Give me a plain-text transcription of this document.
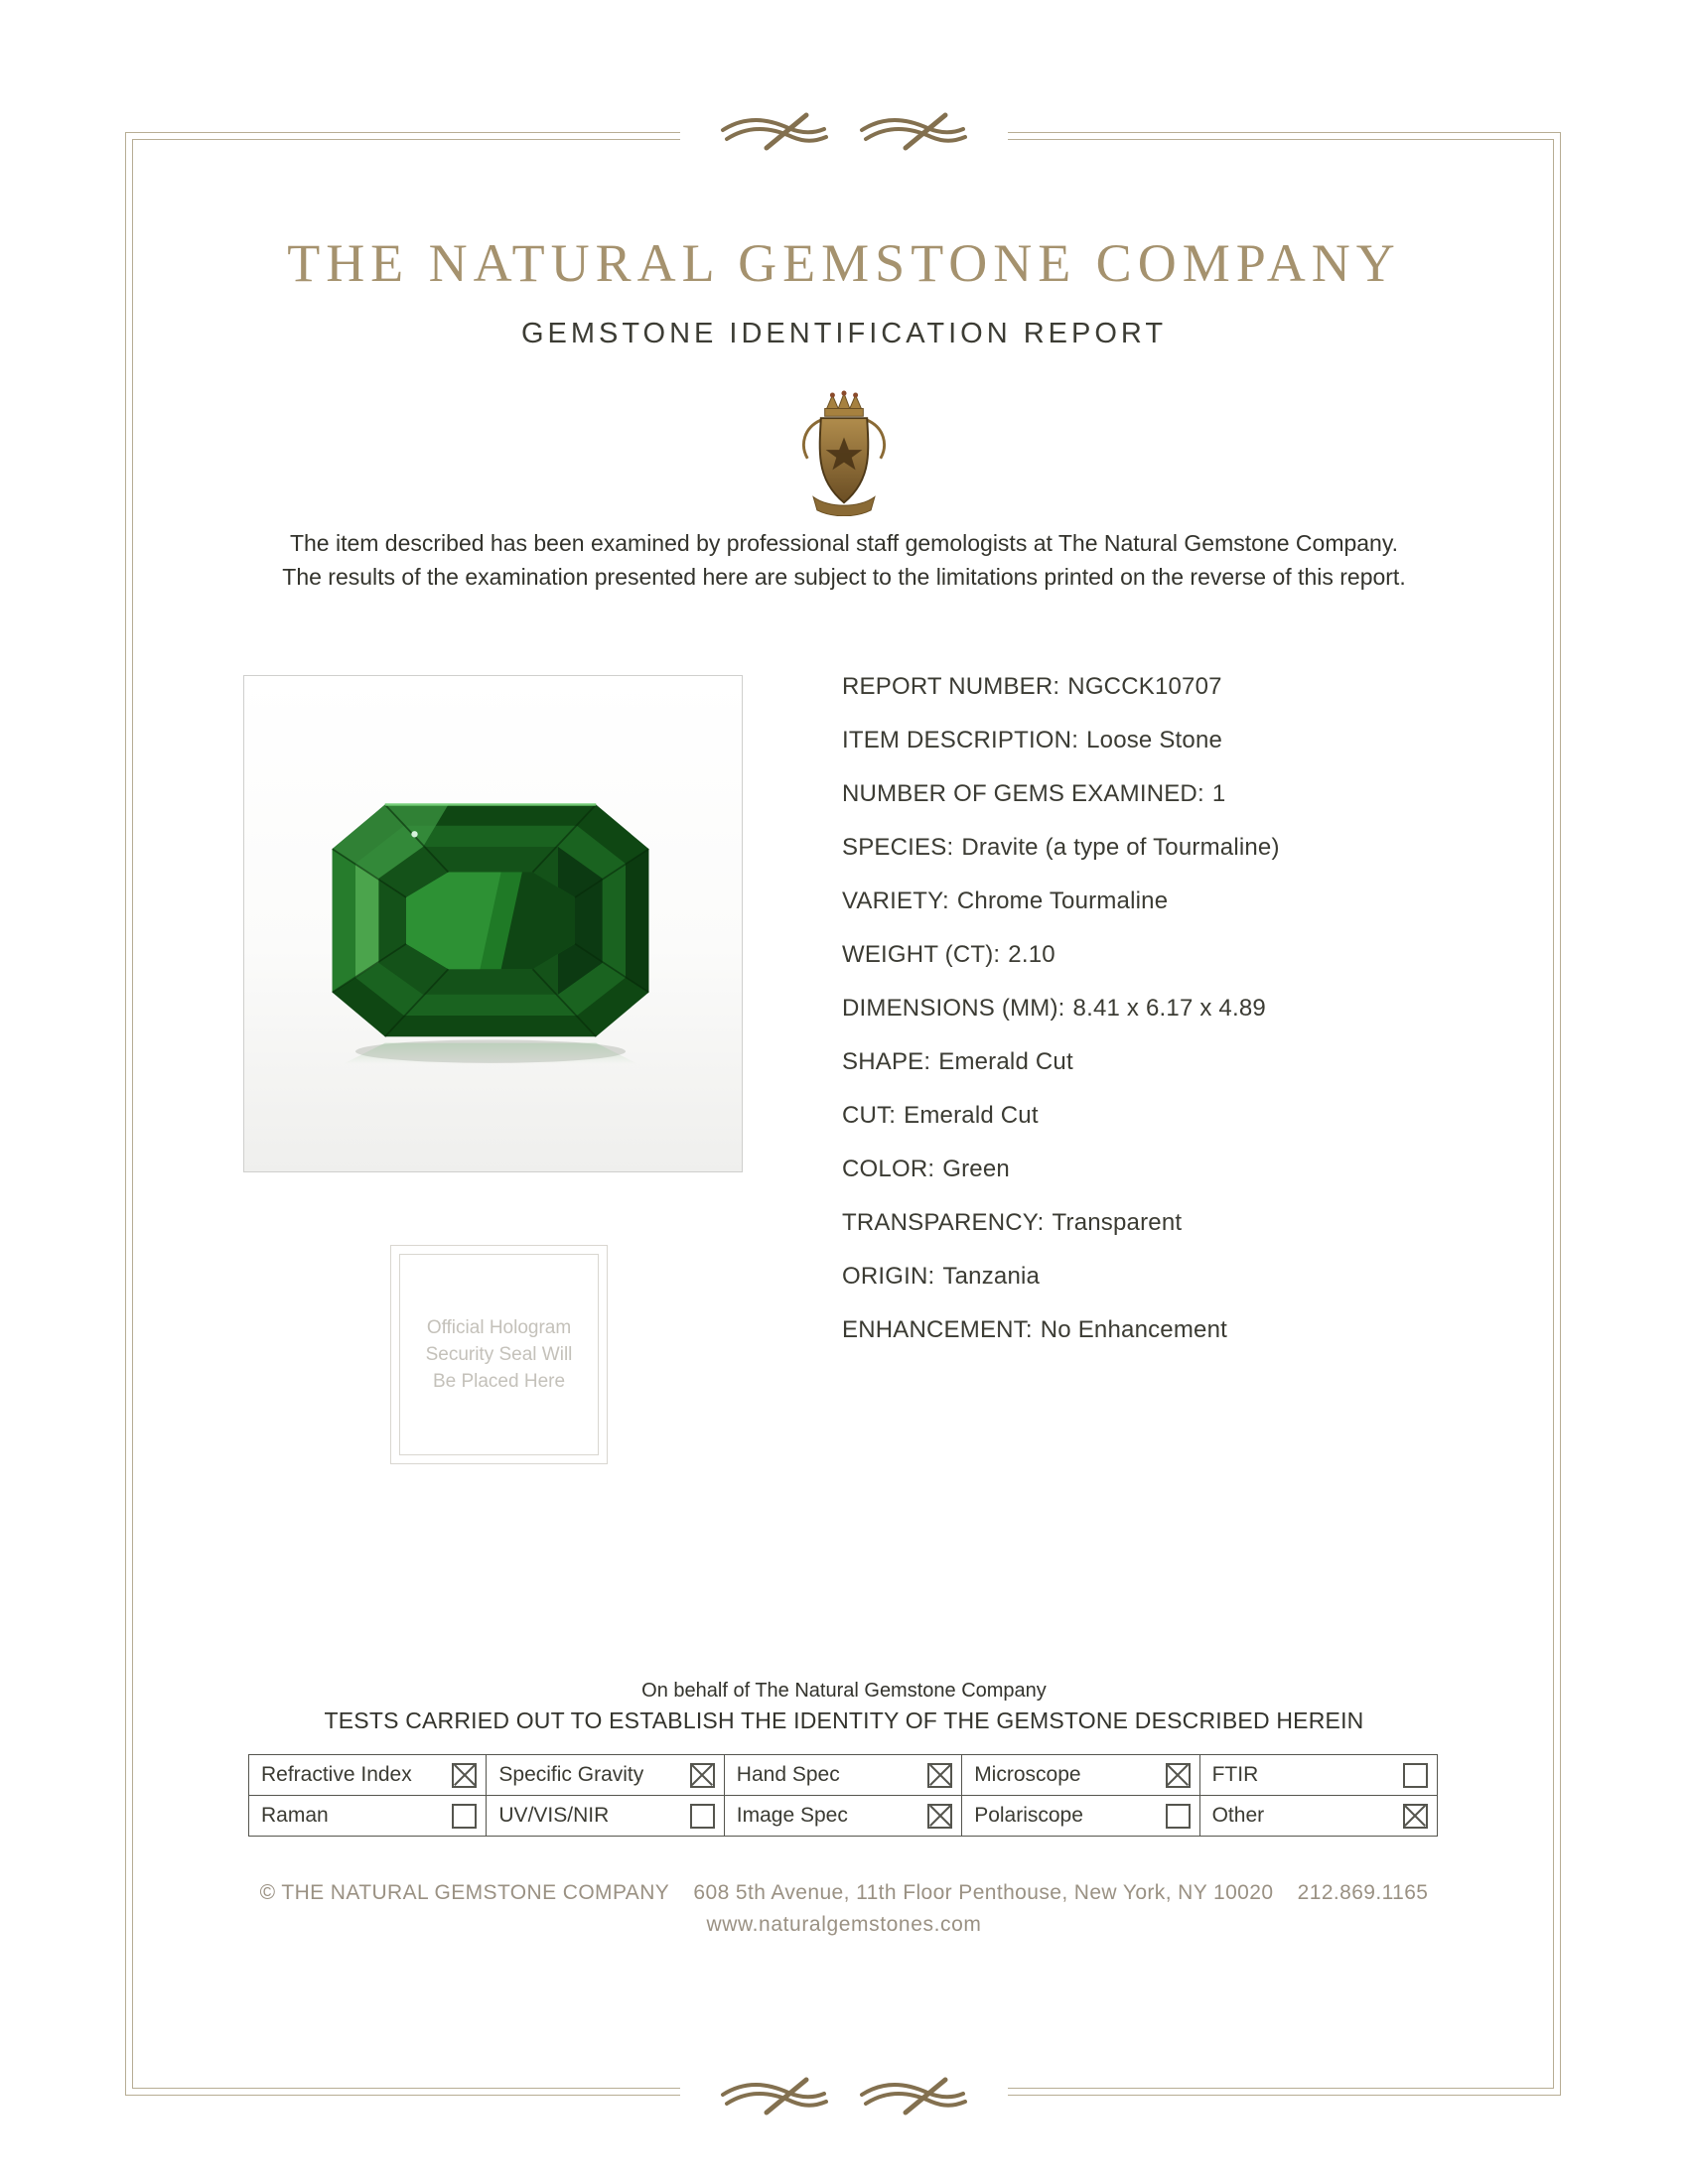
THE NATURAL GEMSTONE COMPANY
GEMSTONE IDENTIFICATION REPORT
The item described has been examined by professional staff gemologists at The Natural Gemstone Company.
The results of the examination presented here are subject to the limitations printed on the reverse of this report.
Official Hologram
Security Seal Will
Be Placed Here
REPORT NUMBER: NGCCK10707
ITEM DESCRIPTION: Loose Stone
NUMBER OF GEMS EXAMINED: 1
SPECIES: Dravite (a type of Tourmaline)
VARIETY: Chrome Tourmaline
WEIGHT (CT): 2.10
DIMENSIONS (MM): 8.41 x 6.17 x 4.89
SHAPE: Emerald Cut
CUT: Emerald Cut
COLOR: Green
TRANSPARENCY: Transparent
ORIGIN: Tanzania
ENHANCEMENT: No Enhancement
On behalf of The Natural Gemstone Company
TESTS CARRIED OUT TO ESTABLISH THE IDENTITY OF THE GEMSTONE DESCRIBED HEREIN
Refractive Index	Specific Gravity	Hand Spec	Microscope	FTIR
Raman	UV/VIS/NIR	Image Spec	Polariscope	Other
© THE NATURAL GEMSTONE COMPANY 608 5th Avenue, 11th Floor Penthouse, New York, NY 10020 212.869.1165
www.naturalgemstones.com
